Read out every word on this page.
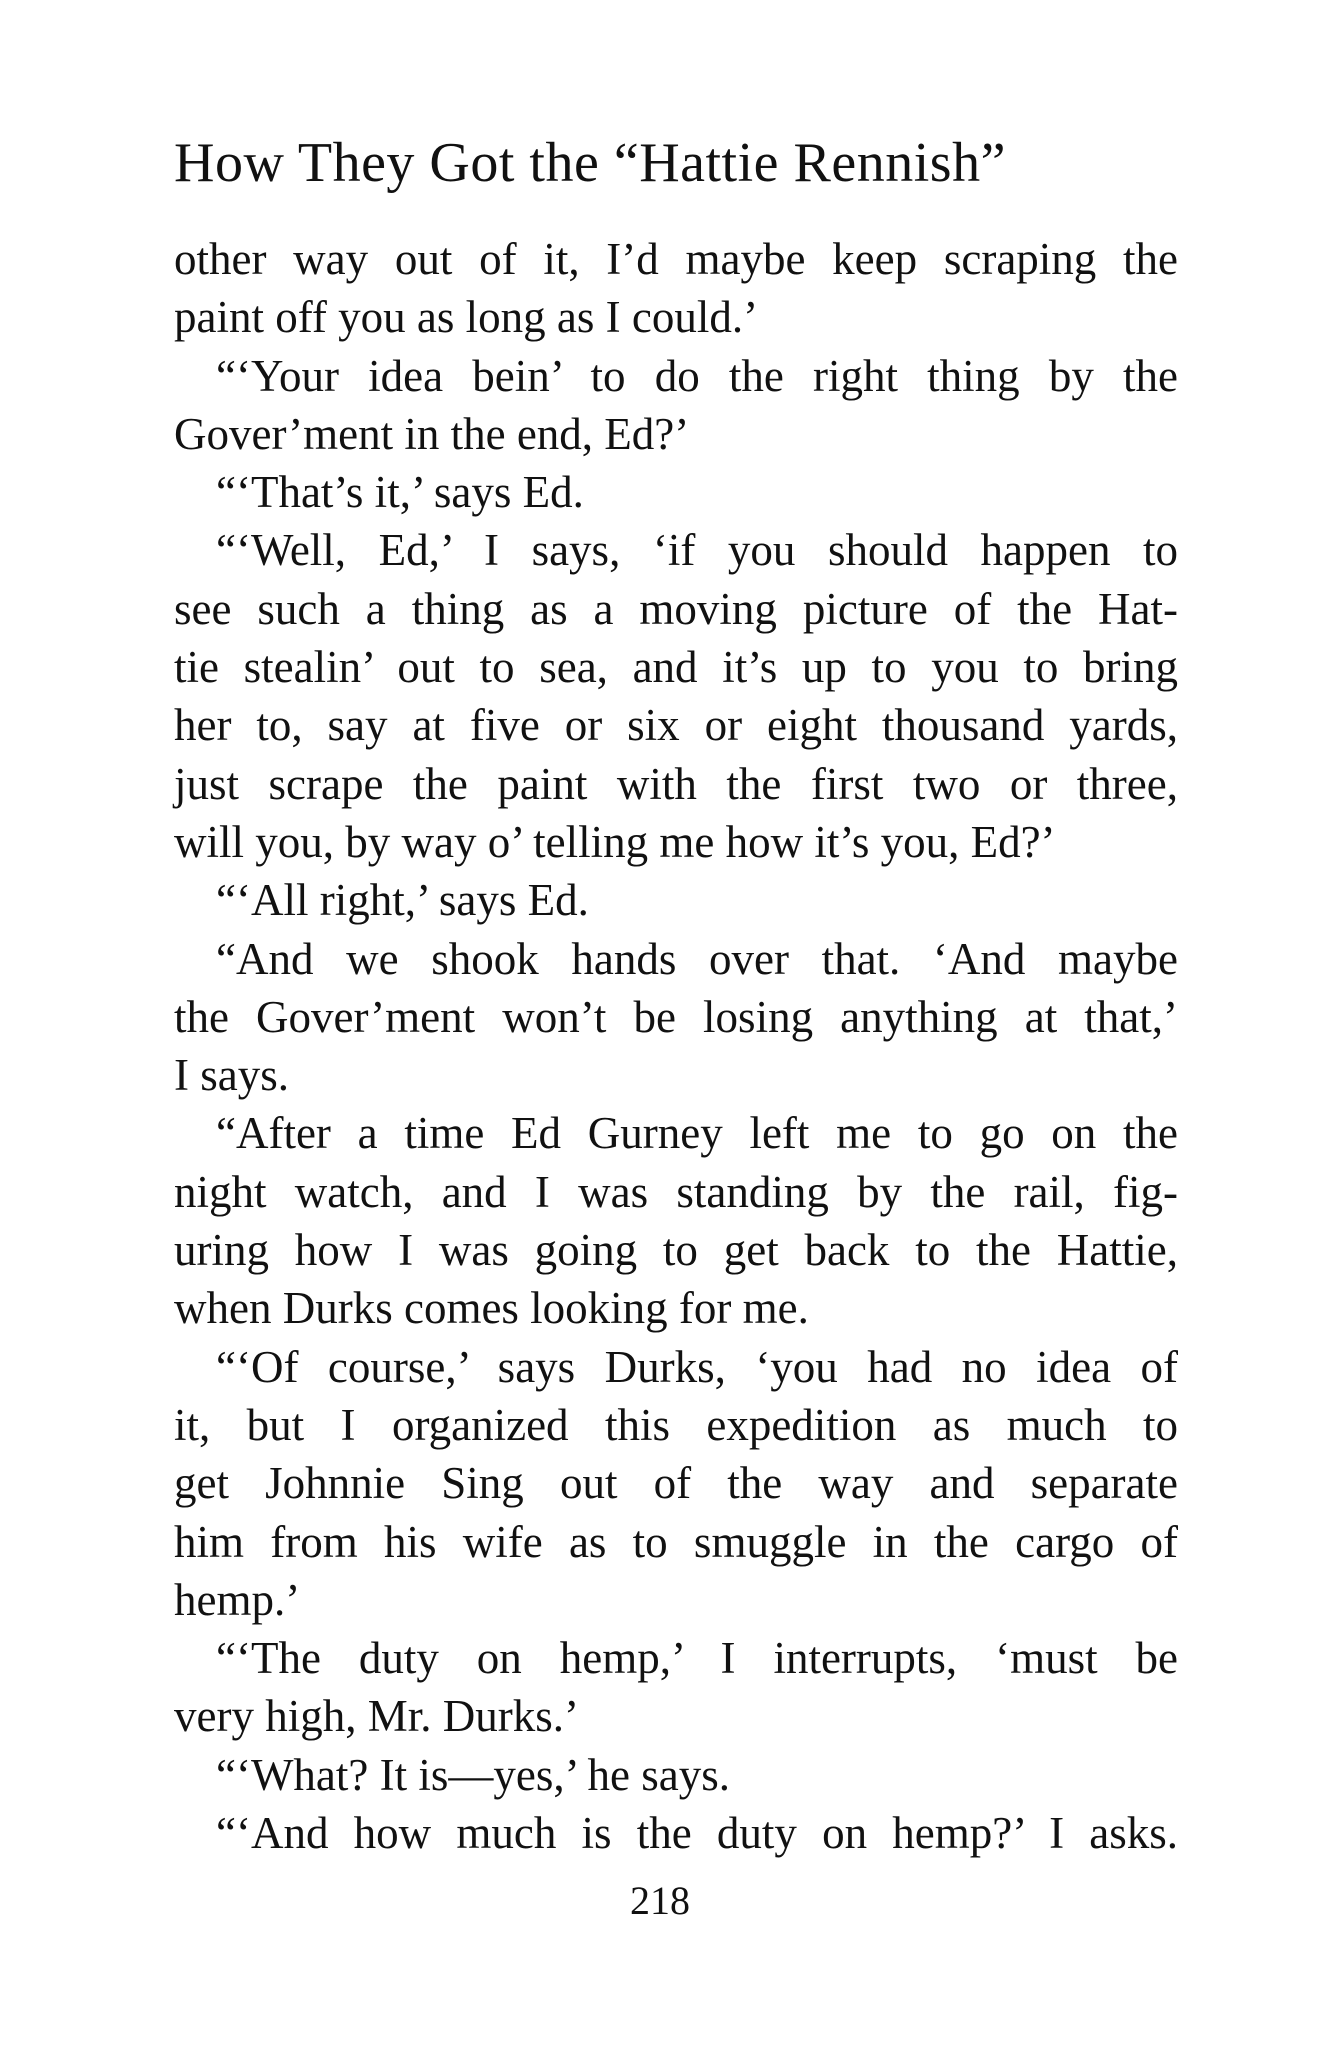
How They Got the “Hattie Rennish”
other way out of it, I’d maybe keep scraping the
paint off you as long as I could.’
“‘Your idea bein’ to do the right thing by the
Gover’ment in the end, Ed?’
“‘That’s it,’ says Ed.
“‘Well, Ed,’ I says, ‘if you should happen to
see such a thing as a moving picture of the Hat-
tie stealin’ out to sea, and it’s up to you to bring
her to, say at five or six or eight thousand yards,
just scrape the paint with the first two or three,
will you, by way o’ telling me how it’s you, Ed?’
“‘All right,’ says Ed.
“And we shook hands over that. ‘And maybe
the Gover’ment won’t be losing anything at that,’
I says.
“After a time Ed Gurney left me to go on the
night watch, and I was standing by the rail, fig-
uring how I was going to get back to the Hattie,
when Durks comes looking for me.
“‘Of course,’ says Durks, ‘you had no idea of
it, but I organized this expedition as much to
get Johnnie Sing out of the way and separate
him from his wife as to smuggle in the cargo of
hemp.’
“‘The duty on hemp,’ I interrupts, ‘must be
very high, Mr. Durks.’
“‘What? It is—yes,’ he says.
“‘And how much is the duty on hemp?’ I asks.
218
